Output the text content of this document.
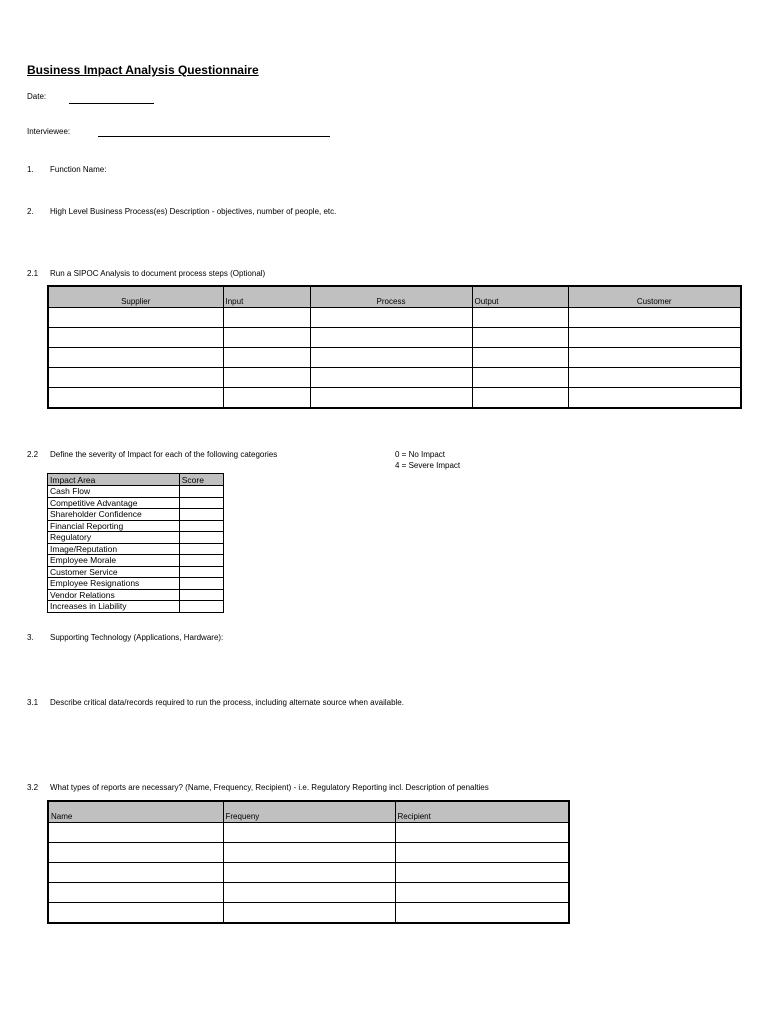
Business Impact Analysis Questionnaire
Date:
Interviewee:
1. Function Name:
2. High Level Business Process(es) Description - objectives, number of people, etc.
2.1 Run a SIPOC Analysis to document process steps (Optional)
Supplier	Input	Process	Output	Customer

2.2 Define the severity of Impact for each of the following categories	0 = No Impact
4 = Severe Impact
Impact Area	Score
Cash Flow	
Competitive Advantage	
Shareholder Confidence	
Financial Reporting	
Regulatory	
Image/Reputation	
Employee Morale	
Customer Service	
Employee Resignations	
Vendor Relations	
Increases in Liability	
3. Supporting Technology (Applications, Hardware):
3.1 Describe critical data/records required to run the process, including alternate source when available.
3.2 What types of reports are necessary? (Name, Frequency, Recipient) - i.e. Regulatory Reporting incl. Description of penalties
Name	Frequeny	Recipient
